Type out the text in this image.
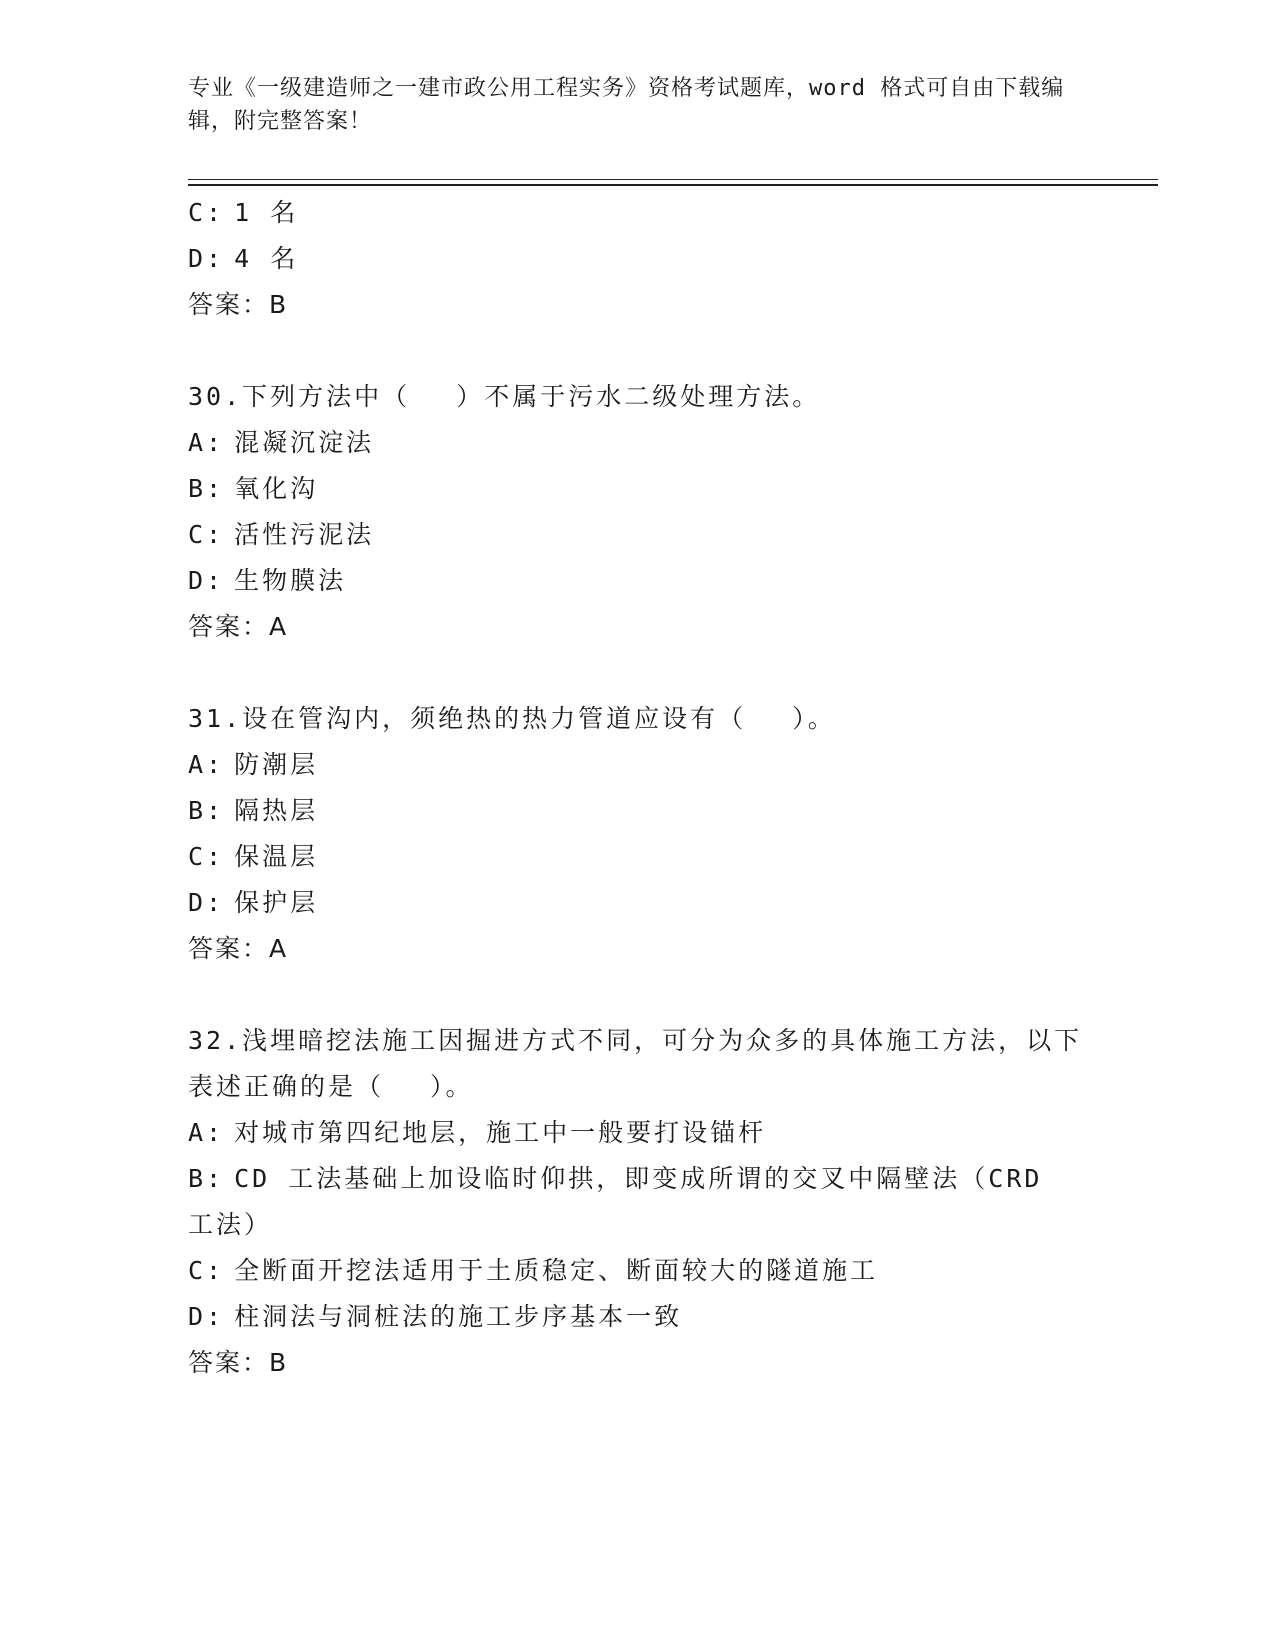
专业《一级建造师之一建市政公用工程实务》资格考试题库，word 格式可自由下载编辑，附完整答案！
C: 1 名
D: 4 名
答案：B
30.下列方法中（　 ）不属于污水二级处理方法。
A: 混凝沉淀法
B: 氧化沟
C: 活性污泥法
D: 生物膜法
答案：A
31.设在管沟内，须绝热的热力管道应设有（　 ）。
A: 防潮层
B: 隔热层
C: 保温层
D: 保护层
答案：A
32.浅埋暗挖法施工因掘进方式不同，可分为众多的具体施工方法，以下表述正确的是（　 ）。
A: 对城市第四纪地层，施工中一般要打设锚杆
B: CD 工法基础上加设临时仰拱，即变成所谓的交叉中隔壁法（CRD 工法）
C: 全断面开挖法适用于土质稳定、断面较大的隧道施工
D: 柱洞法与洞桩法的施工步序基本一致
答案：B
